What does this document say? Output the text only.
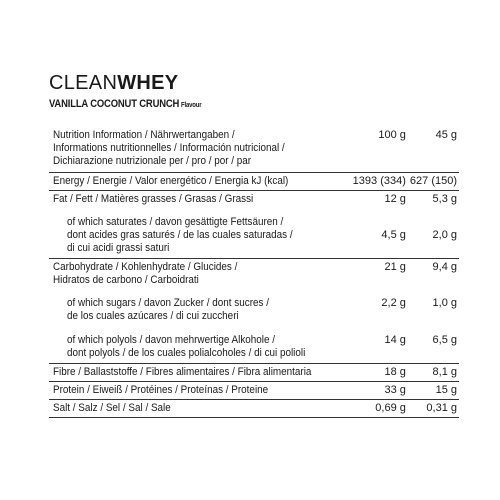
CLEANWHEY
VANILLA COCONUT CRUNCH Flavour
Nutrition Information / Nährwertangaben /
Informations nutritionnelles / Información nutricional /
Dichiarazione nutrizionale per / pro / por / par	100 g	45 g

Energy / Energie / Valor energético / Energia kJ (kcal)	1393 (334)	627 (150)

Fat / Fett / Matières grasses / Grasas / Grassi	12 g	5,3 g

of which saturates / davon gesättigte Fettsäuren /
dont acides gras saturés / de las cuales saturadas /
di cui acidi grassi saturi	4,5 g	2,0 g

Carbohydrate / Kohlenhydrate / Glucides /
Hidratos de carbono / Carboidrati	21 g	9,4 g

of which sugars / davon Zucker / dont sucres /
de los cuales azúcares / di cui zuccheri	2,2 g	1,0 g

of which polyols / davon mehrwertige Alkohole /
dont polyols / de los cuales polialcoholes / di cui polioli	14 g	6,5 g

Fibre / Ballaststoffe / Fibres alimentaires / Fibra alimentaria	18 g	8,1 g

Protein / Eiweiß / Protéines / Proteínas / Proteine	33 g	15 g

Salt / Salz / Sel / Sal / Sale	0,69 g	0,31 g
